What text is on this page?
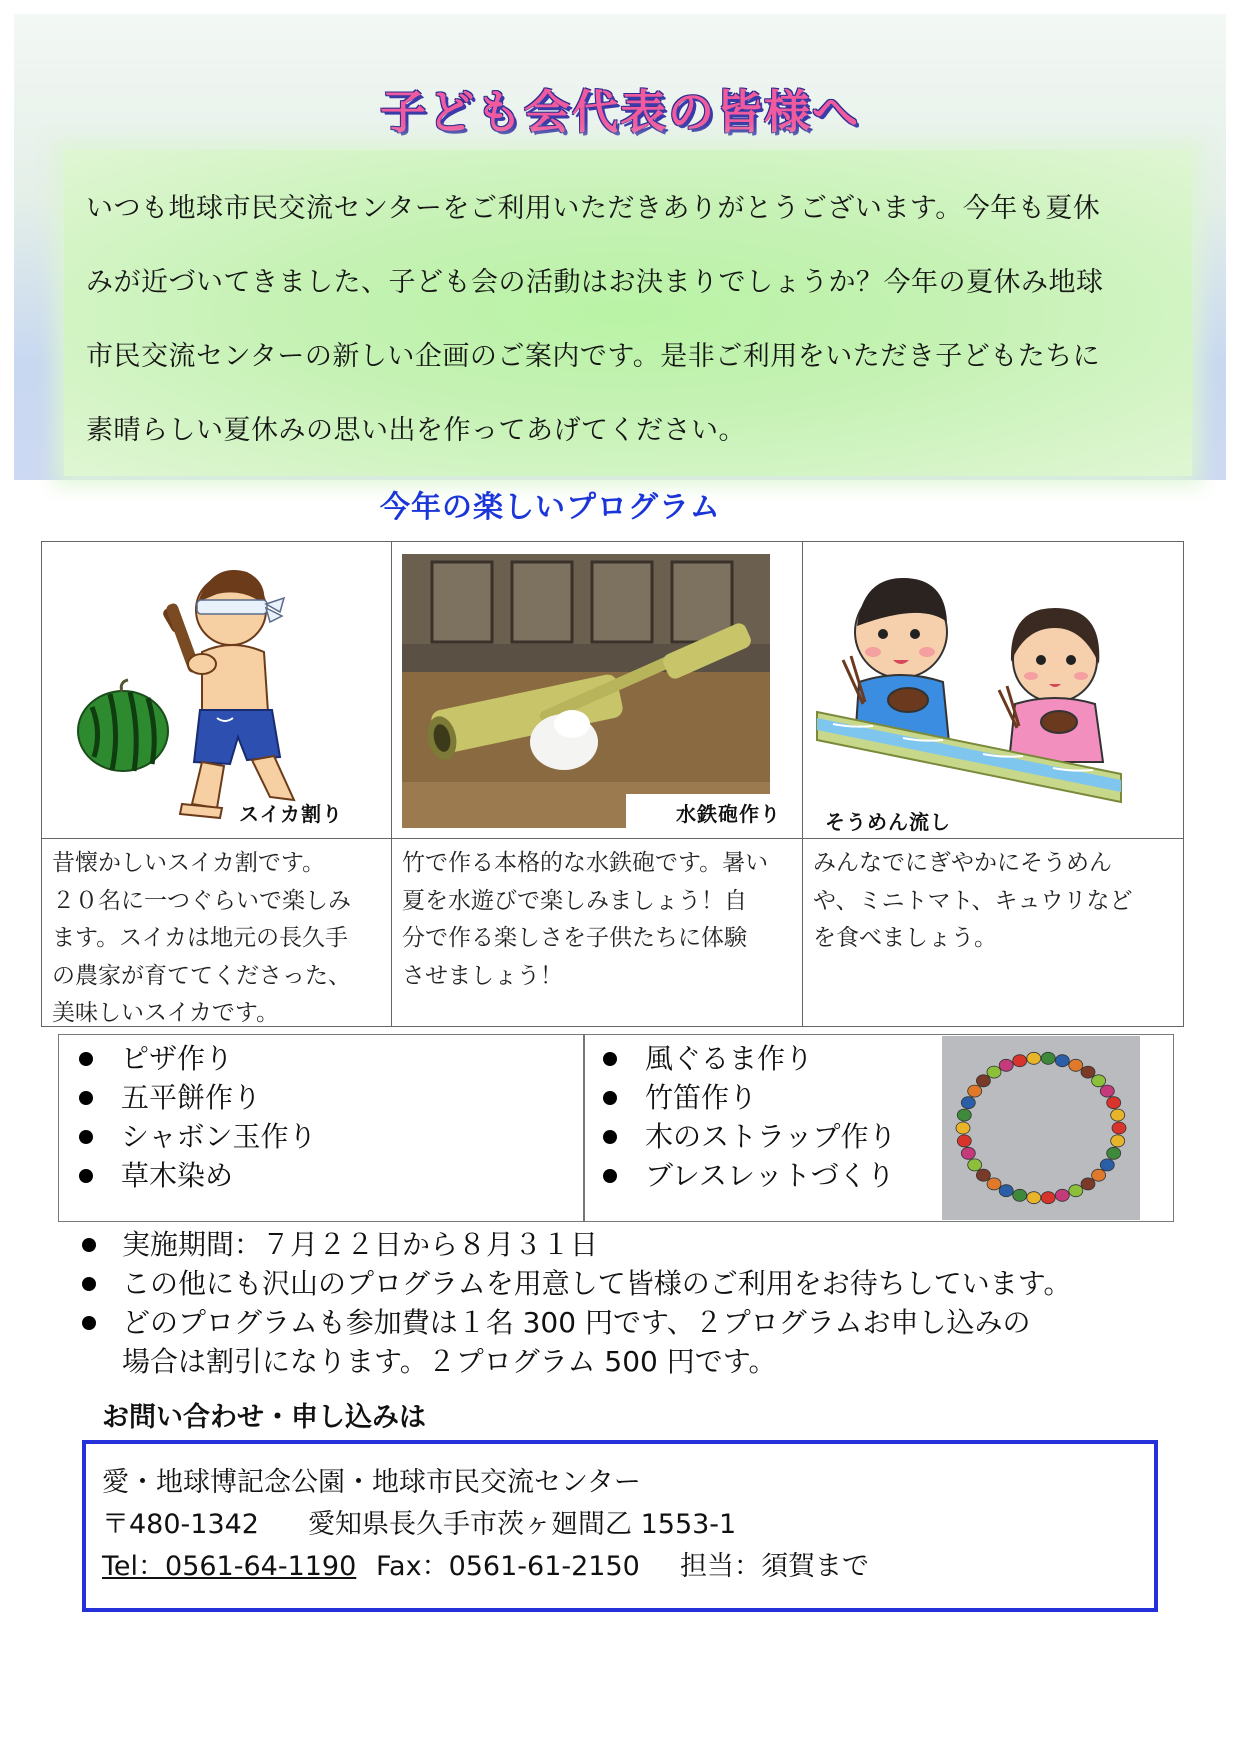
子ども会代表の皆様へ
いつも地球市民交流センターをご利用いただきありがとうございます。今年も夏休
みが近づいてきました、子ども会の活動はお決まりでしょうか？今年の夏休み地球
市民交流センターの新しい企画のご案内です。是非ご利用をいただき子どもたちに
素晴らしい夏休みの思い出を作ってあげてください。
今年の楽しいプログラム
スイカ割り	水鉄砲作り そうめん流し
昔懐かしいスイカ割です。
２０名に一つぐらいで楽しみ
ます。スイカは地元の長久手
の農家が育ててくださった、
美味しいスイカです。
竹で作る本格的な水鉄砲です。暑い
夏を水遊びで楽しみましょう！自
分で作る楽しさを子供たちに体験
させましょう！
みんなでにぎやかにそうめん
や、ミニトマト、キュウリなど
を食べましょう。
ピザ作り
五平餅作り
シャボン玉作り
草木染め
風ぐるま作り
竹笛作り
木のストラップ作り
ブレスレットづくり
実施期間：７月２２日から８月３１日
この他にも沢山のプログラムを用意して皆様のご利用をお待ちしています。
どのプログラムも参加費は１名 300 円です、２プログラムお申し込みの
場合は割引になります。２プログラム 500 円です。
お問い合わせ・申し込みは
愛・地球博記念公園・地球市民交流センター
〒480-1342 愛知県長久手市茨ヶ廻間乙 1553-1
Tel：0561-64-1190 Fax：0561-61-2150 担当：須賀まで
